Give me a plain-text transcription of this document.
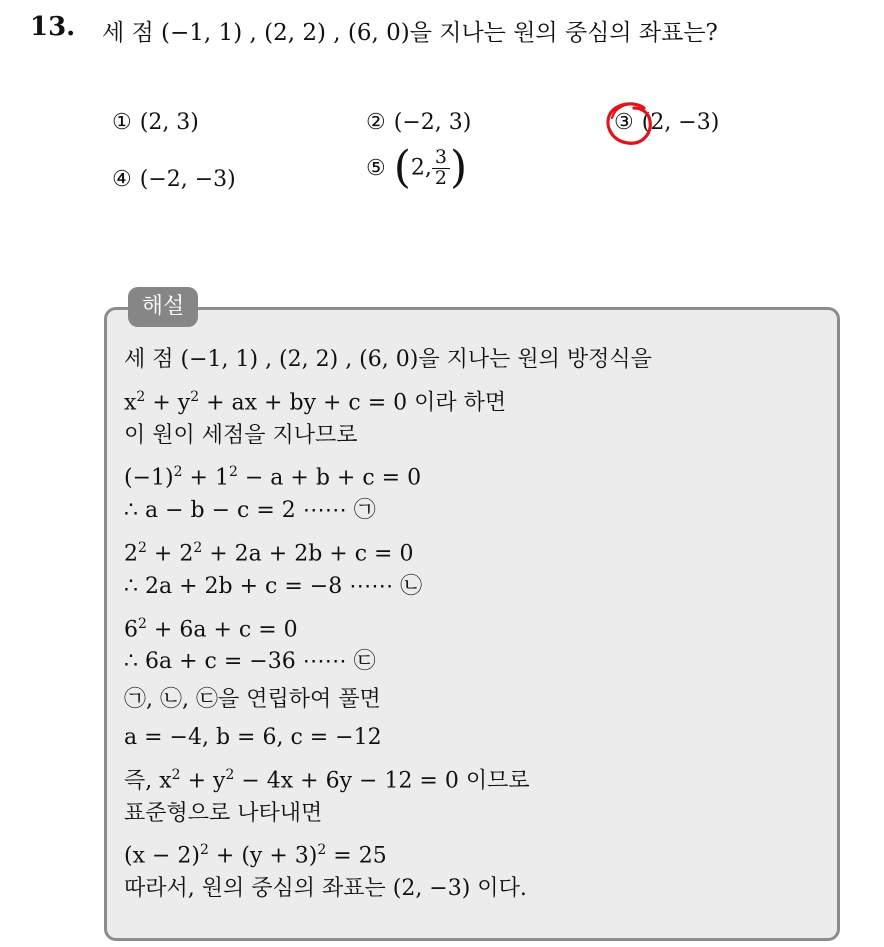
13. 세 점 (−1, 1) , (2, 2) , (6, 0)을 지나는 원의 중심의 좌표는?
① (2, 3)	② (−2, 3)	③ (2, −3)
④ (−2, −3)	⑤ (2, $\frac{3}{2}$ )
해설
세 점 (−1, 1) , (2, 2) , (6, 0)을 지나는 원의 방정식을
$x^2 + y^2$ + ax + by + c = 0 이라 하면
이 원이 세점을 지나므로
$(-1)^2 + 1^2 - a + b + c = 0$
∴ a − b − c = 2 ⋯⋯ ㉠
$2^2 + 2^2 + 2a + 2b + c = 0$
∴ 2a + 2b + c = −8 ⋯⋯ ㉡
$6^2 + 6a + c = 0$
∴ 6a + c = −36 ⋯⋯ ㉢
㉠, ㉡, ㉢을 연립하여 풀면
a = −4, b = 6, c = −12
즉, $x^2 + y^2 - 4x + 6y - 12 = 0$ 이므로
표준형으로 나타내면
$(x - 2)^2 + (y + 3)^2 = 25$
따라서, 원의 중심의 좌표는 (2, −3) 이다.
